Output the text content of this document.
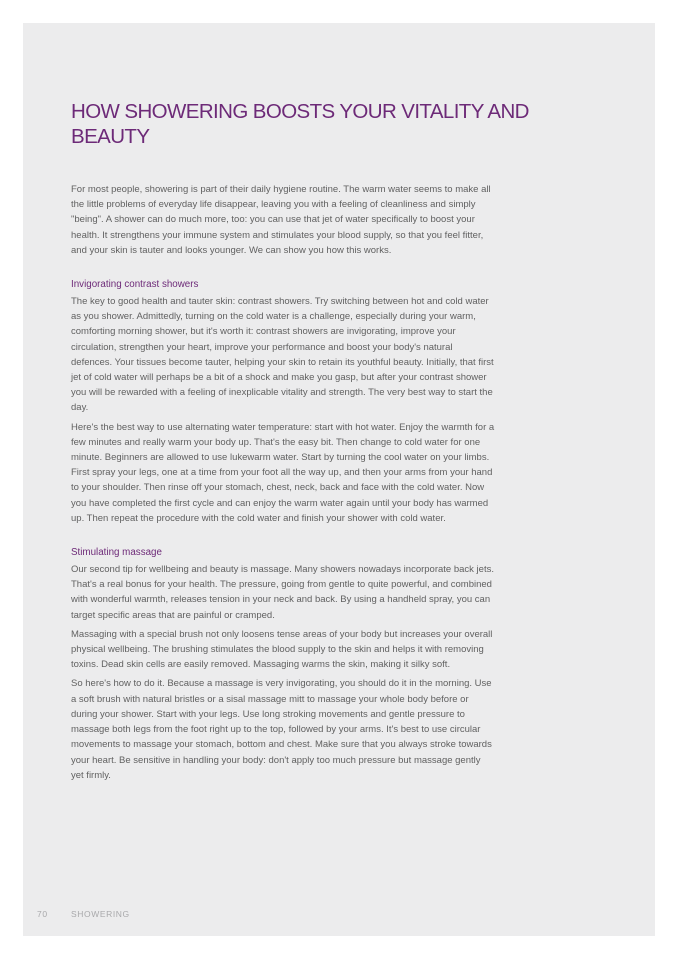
HOW SHOWERING BOOSTS YOUR VITALITY AND BEAUTY

For most people, showering is part of their daily hygiene routine. The warm water seems to make all the little problems of everyday life disappear, leaving you with a feeling of cleanliness and simply "being". A shower can do much more, too: you can use that jet of water specifically to boost your health. It strengthens your immune system and stimulates your blood supply, so that you feel fitter, and your skin is tauter and looks younger. We can show you how this works.

Invigorating contrast showers

The key to good health and tauter skin: contrast showers. Try switching between hot and cold water as you shower. Admittedly, turning on the cold water is a challenge, especially during your warm, comforting morning shower, but it's worth it: contrast showers are invigorating, improve your circulation, strengthen your heart, improve your performance and boost your body's natural defences. Your tissues become tauter, helping your skin to retain its youthful beauty. Initially, that first jet of cold water will perhaps be a bit of a shock and make you gasp, but after your contrast shower you will be rewarded with a feeling of inexplicable vitality and strength. The very best way to start the day.

Here's the best way to use alternating water temperature: start with hot water. Enjoy the warmth for a few minutes and really warm your body up. That's the easy bit. Then change to cold water for one minute. Beginners are allowed to use lukewarm water. Start by turning the cool water on your limbs. First spray your legs, one at a time from your foot all the way up, and then your arms from your hand to your shoulder. Then rinse off your stomach, chest, neck, back and face with the cold water. Now you have completed the first cycle and can enjoy the warm water again until your body has warmed up. Then repeat the procedure with the cold water and finish your shower with cold water.

Stimulating massage

Our second tip for wellbeing and beauty is massage. Many showers nowadays incorporate back jets. That's a real bonus for your health. The pressure, going from gentle to quite powerful, and combined with wonderful warmth, releases tension in your neck and back. By using a handheld spray, you can target specific areas that are painful or cramped.

Massaging with a special brush not only loosens tense areas of your body but increases your overall physical wellbeing. The brushing stimulates the blood supply to the skin and helps it with removing toxins. Dead skin cells are easily removed. Massaging warms the skin, making it silky soft.

So here's how to do it. Because a massage is very invigorating, you should do it in the morning. Use a soft brush with natural bristles or a sisal massage mitt to massage your whole body before or during your shower. Start with your legs. Use long stroking movements and gentle pressure to massage both legs from the foot right up to the top, followed by your arms. It's best to use circular movements to massage your stomach, bottom and chest. Make sure that you always stroke towards your heart. Be sensitive in handling your body: don't apply too much pressure but massage gently yet firmly.

70	SHOWERING
